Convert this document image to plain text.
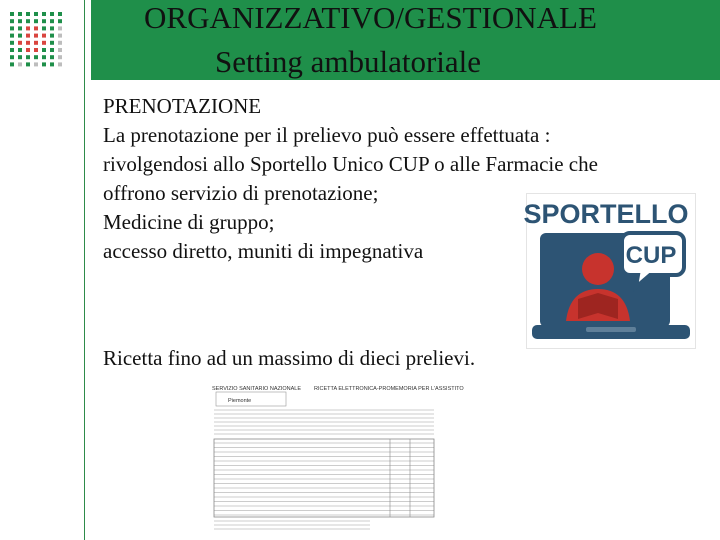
ORGANIZZATIVO/GESTIONALE
Setting ambulatoriale
PRENOTAZIONE
La prenotazione per il prelievo può essere effettuata :
rivolgendosi allo Sportello Unico CUP o alle Farmacie che
offrono servizio di prenotazione;
Medicine di gruppo;
accesso diretto, muniti di impegnativa
Ricetta fino ad un massimo di dieci prelievi.
SPORTELLO
CUP
SERVIZIO SANITARIO NAZIONALE RICETTA ELETTRONICA-PROMEMORIA PER L'ASSISTITO
Piemonte
